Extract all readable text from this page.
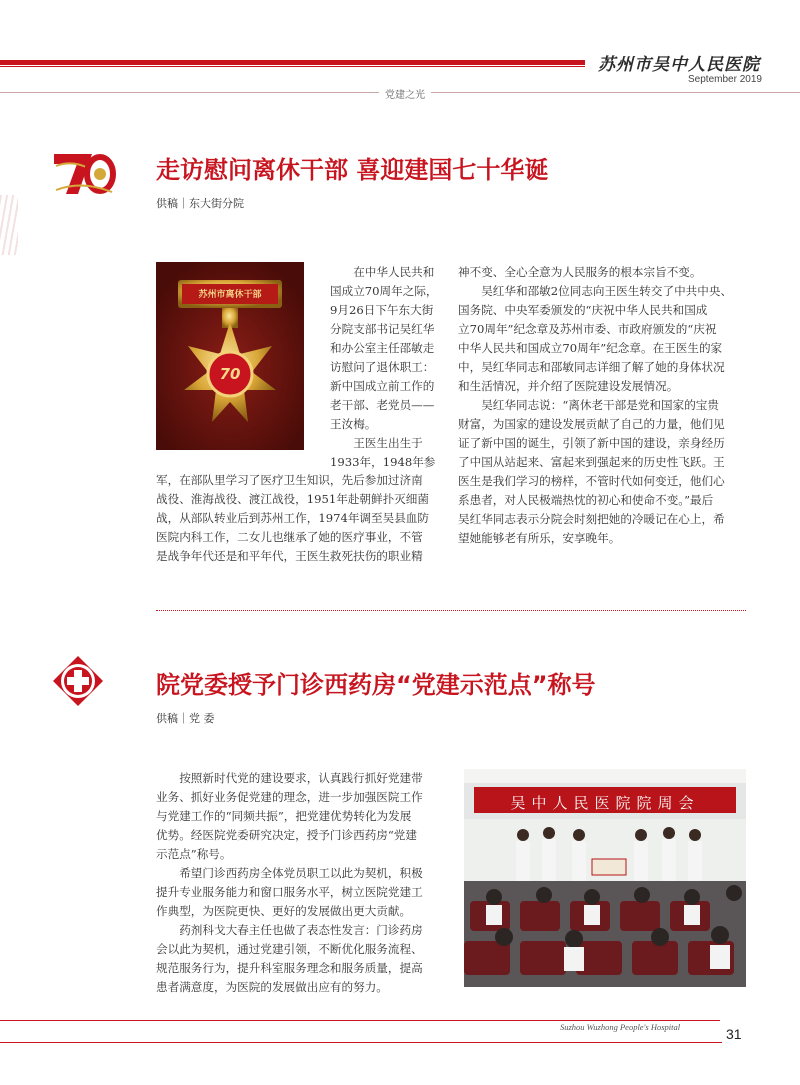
苏州市吴中人民医院
September 2019
党建之光
走访慰问离休干部 喜迎建国七十华诞
供稿｜东大街分院
苏州市离休干部
70
在中华人民共和
国成立70周年之际，
9月26日下午东大街
分院支部书记吴红华
和办公室主任邵敏走
访慰问了退休职工：
新中国成立前工作的
老干部、老党员——
王汝梅。
王医生出生于
1933年，1948年参
军，在部队里学习了医疗卫生知识，先后参加过济南
战役、淮海战役、渡江战役，1951年赴朝鲜扑灭细菌
战，从部队转业后到苏州工作，1974年调至吴县血防
医院内科工作，二女儿也继承了她的医疗事业，不管
是战争年代还是和平年代，王医生救死扶伤的职业精
神不变、全心全意为人民服务的根本宗旨不变。
吴红华和邵敏2位同志向王医生转交了中共中央、
国务院、中央军委颁发的“庆祝中华人民共和国成
立70周年”纪念章及苏州市委、市政府颁发的“庆祝
中华人民共和国成立70周年”纪念章。在王医生的家
中，吴红华同志和邵敏同志详细了解了她的身体状况
和生活情况，并介绍了医院建设发展情况。
吴红华同志说：“离休老干部是党和国家的宝贵
财富，为国家的建设发展贡献了自己的力量，他们见
证了新中国的诞生，引领了新中国的建设，亲身经历
了中国从站起来、富起来到强起来的历史性飞跃。王
医生是我们学习的榜样，不管时代如何变迁，他们心
系患者，对人民极端热忱的初心和使命不变。”最后
吴红华同志表示分院会时刻把她的冷暖记在心上，希
望她能够老有所乐，安享晚年。
院党委授予门诊西药房“党建示范点”称号
供稿｜党 委
按照新时代党的建设要求，认真践行抓好党建带
业务、抓好业务促党建的理念，进一步加强医院工作
与党建工作的“同频共振”，把党建优势转化为发展
优势。经医院党委研究决定，授予门诊西药房“党建
示范点”称号。
希望门诊西药房全体党员职工以此为契机，积极
提升专业服务能力和窗口服务水平，树立医院党建工
作典型，为医院更快、更好的发展做出更大贡献。
药剂科戈大春主任也做了表态性发言：门诊药房
会以此为契机，通过党建引领，不断优化服务流程、
规范服务行为，提升科室服务理念和服务质量，提高
患者满意度，为医院的发展做出应有的努力。
吴中人民医院院周会
Suzhou Wuzhong People's Hospital	31
